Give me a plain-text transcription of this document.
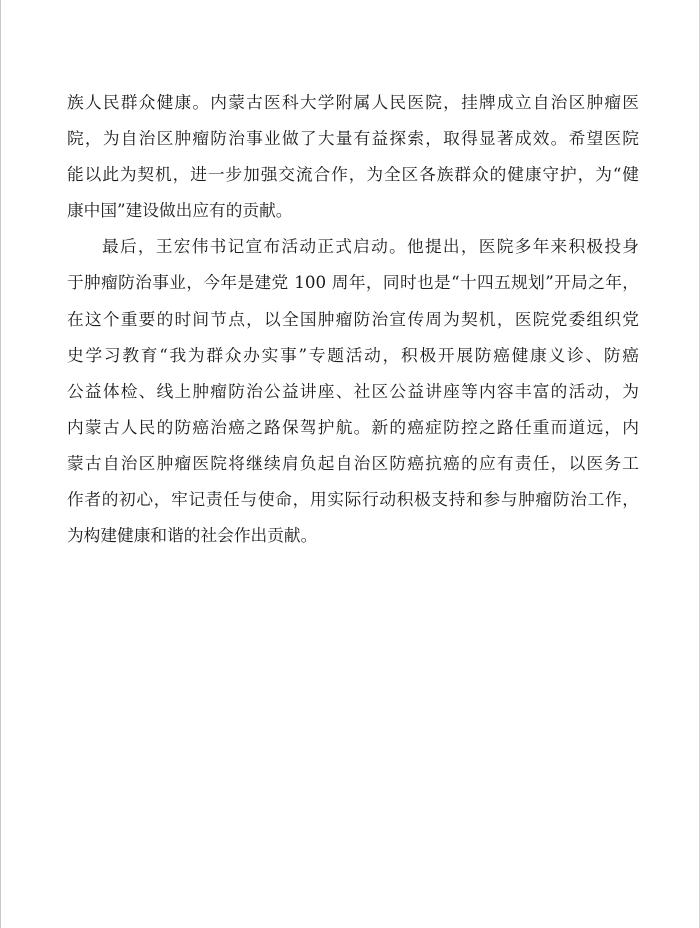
族人民群众健康。内蒙古医科大学附属人民医院，挂牌成立自治区肿瘤医
院，为自治区肿瘤防治事业做了大量有益探索，取得显著成效。希望医院
能以此为契机，进一步加强交流合作，为全区各族群众的健康守护，为“健
康中国”建设做出应有的贡献。
最后，王宏伟书记宣布活动正式启动。他提出，医院多年来积极投身
于肿瘤防治事业，今年是建党 100 周年，同时也是“十四五规划”开局之年，
在这个重要的时间节点，以全国肿瘤防治宣传周为契机，医院党委组织党
史学习教育“我为群众办实事”专题活动，积极开展防癌健康义诊、防癌
公益体检、线上肿瘤防治公益讲座、社区公益讲座等内容丰富的活动，为
内蒙古人民的防癌治癌之路保驾护航。新的癌症防控之路任重而道远，内
蒙古自治区肿瘤医院将继续肩负起自治区防癌抗癌的应有责任，以医务工
作者的初心，牢记责任与使命，用实际行动积极支持和参与肿瘤防治工作，
为构建健康和谐的社会作出贡献。
